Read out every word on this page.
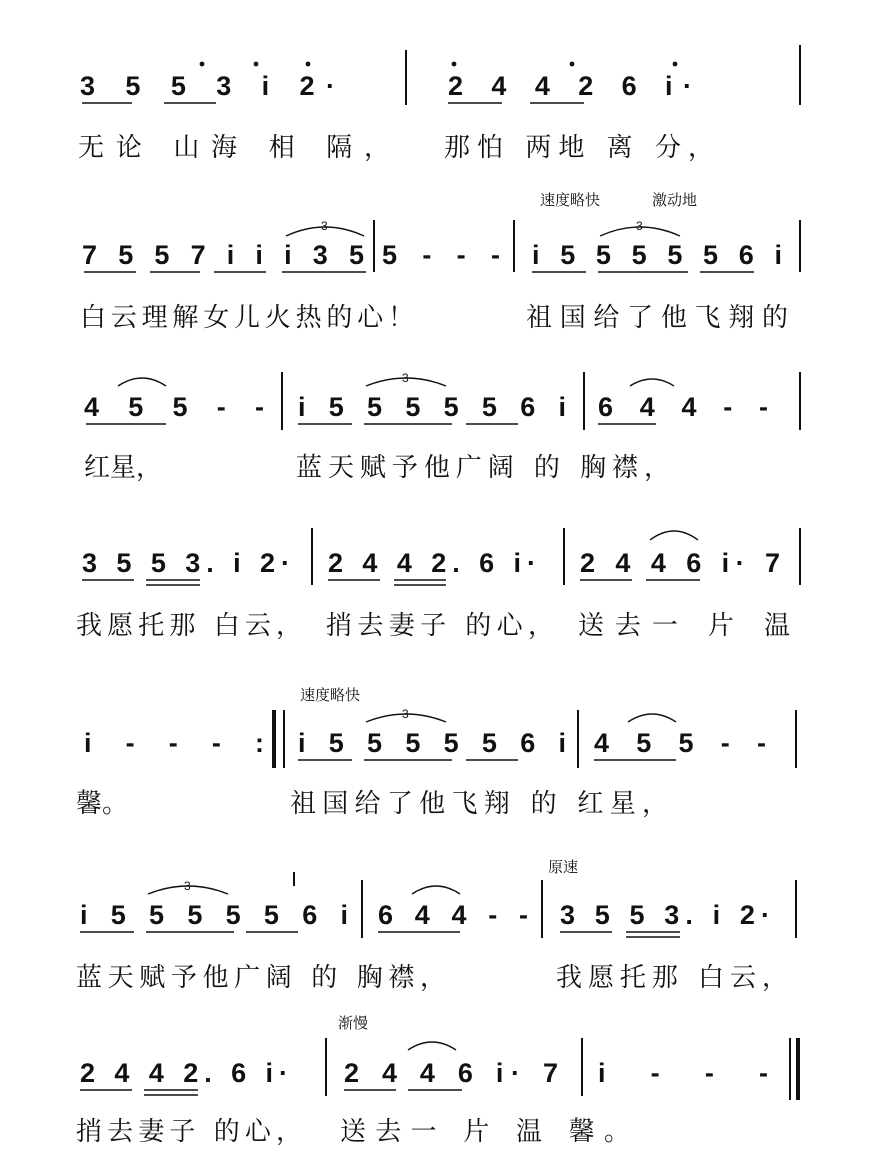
3 5 5 3 i 2·	2 4 4 2 6 i·
无论 山海 相 隔， 那怕 两地 离 分，
速度略快	激动地
7 5 5 7 i i i 3 5 5 - - - i 5 5 5 5 5 6 i
3	3
白云理解女儿火热的心！	祖国给了他飞翔的
4 5 5 - - i 5 5 5 5 5 6 i 6 4 4 - -
3
红星，	蓝天赋予他广阔 的 胸襟，
3 5 5 3. i 2· 2 4 4 2. 6 i· 2 4 4 6 i· 7
我愿托那 白云， 捎去妻子 的心， 送去一 片 温
速度略快
i - - - : i 5 5 5 5 5 6 i 4 5 5 - -
3
馨。	祖国给了他飞翔 的 红星，
原速
i 5 5 5 5 5 6 i 6 4 4 - - 3 5 5 3. i 2·
3
蓝天赋予他广阔 的 胸襟，	我愿托那 白云，
渐慢
2 4 4 2. 6 i· 2 4 4 6 i· 7 i - - -
捎去妻子 的心， 送去一 片 温 馨。
